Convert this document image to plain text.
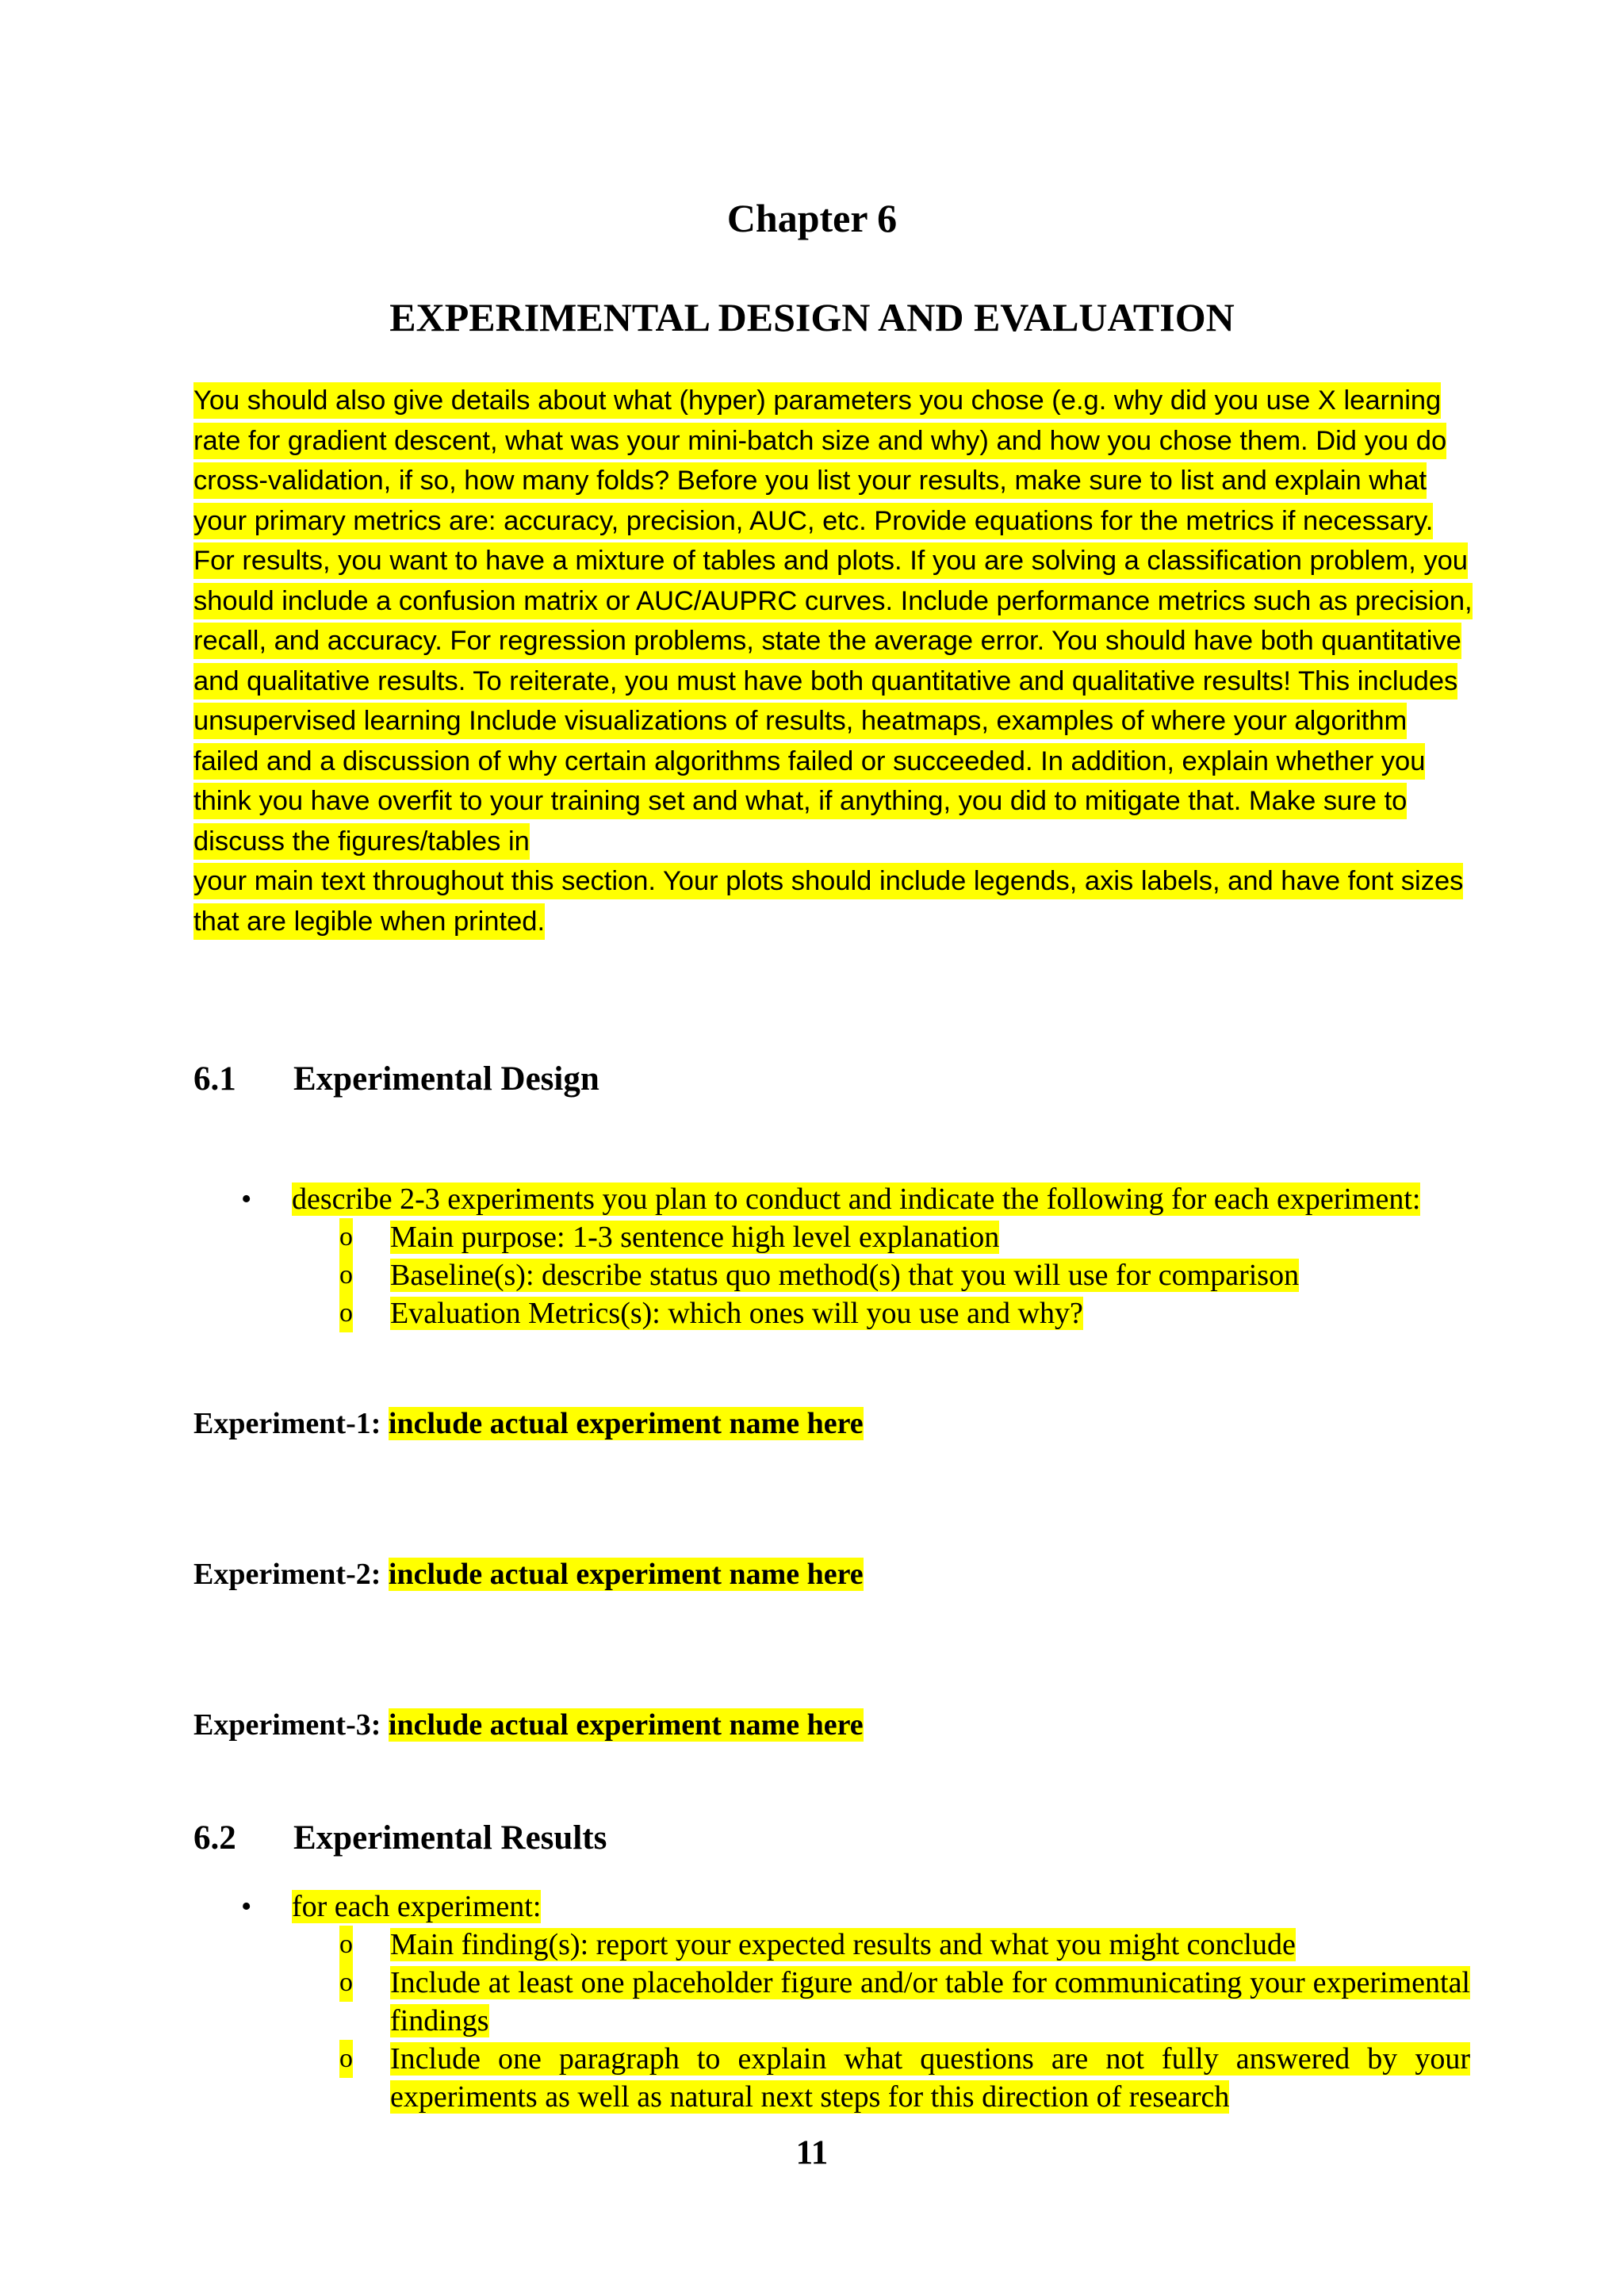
Chapter 6
EXPERIMENTAL DESIGN AND EVALUATION

You should also give details about what (hyper) parameters you chose (e.g. why did you use X learning rate for gradient descent, what was your mini-batch size and why) and how you chose them. Did you do cross-validation, if so, how many folds? Before you list your results, make sure to list and explain what your primary metrics are: accuracy, precision, AUC, etc. Provide equations for the metrics if necessary. For results, you want to have a mixture of tables and plots. If you are solving a classification problem, you should include a confusion matrix or AUC/AUPRC curves. Include performance metrics such as precision, recall, and accuracy. For regression problems, state the average error. You should have both quantitative and qualitative results. To reiterate, you must have both quantitative and qualitative results! This includes unsupervised learning Include visualizations of results, heatmaps, examples of where your algorithm failed and a discussion of why certain algorithms failed or succeeded. In addition, explain whether you think you have overfit to your training set and what, if anything, you did to mitigate that. Make sure to discuss the figures/tables in
your main text throughout this section. Your plots should include legends, axis labels, and have font sizes that are legible when printed.

6.1 Experimental Design
• describe 2-3 experiments you plan to conduct and indicate the following for each experiment:
o Main purpose: 1-3 sentence high level explanation
o Baseline(s): describe status quo method(s) that you will use for comparison
o Evaluation Metrics(s): which ones will you use and why?

Experiment-1: include actual experiment name here

Experiment-2: include actual experiment name here

Experiment-3: include actual experiment name here

6.2 Experimental Results
• for each experiment:
o Main finding(s): report your expected results and what you might conclude
o Include at least one placeholder figure and/or table for communicating your experimental findings
o Include one paragraph to explain what questions are not fully answered by your experiments as well as natural next steps for this direction of research

11
